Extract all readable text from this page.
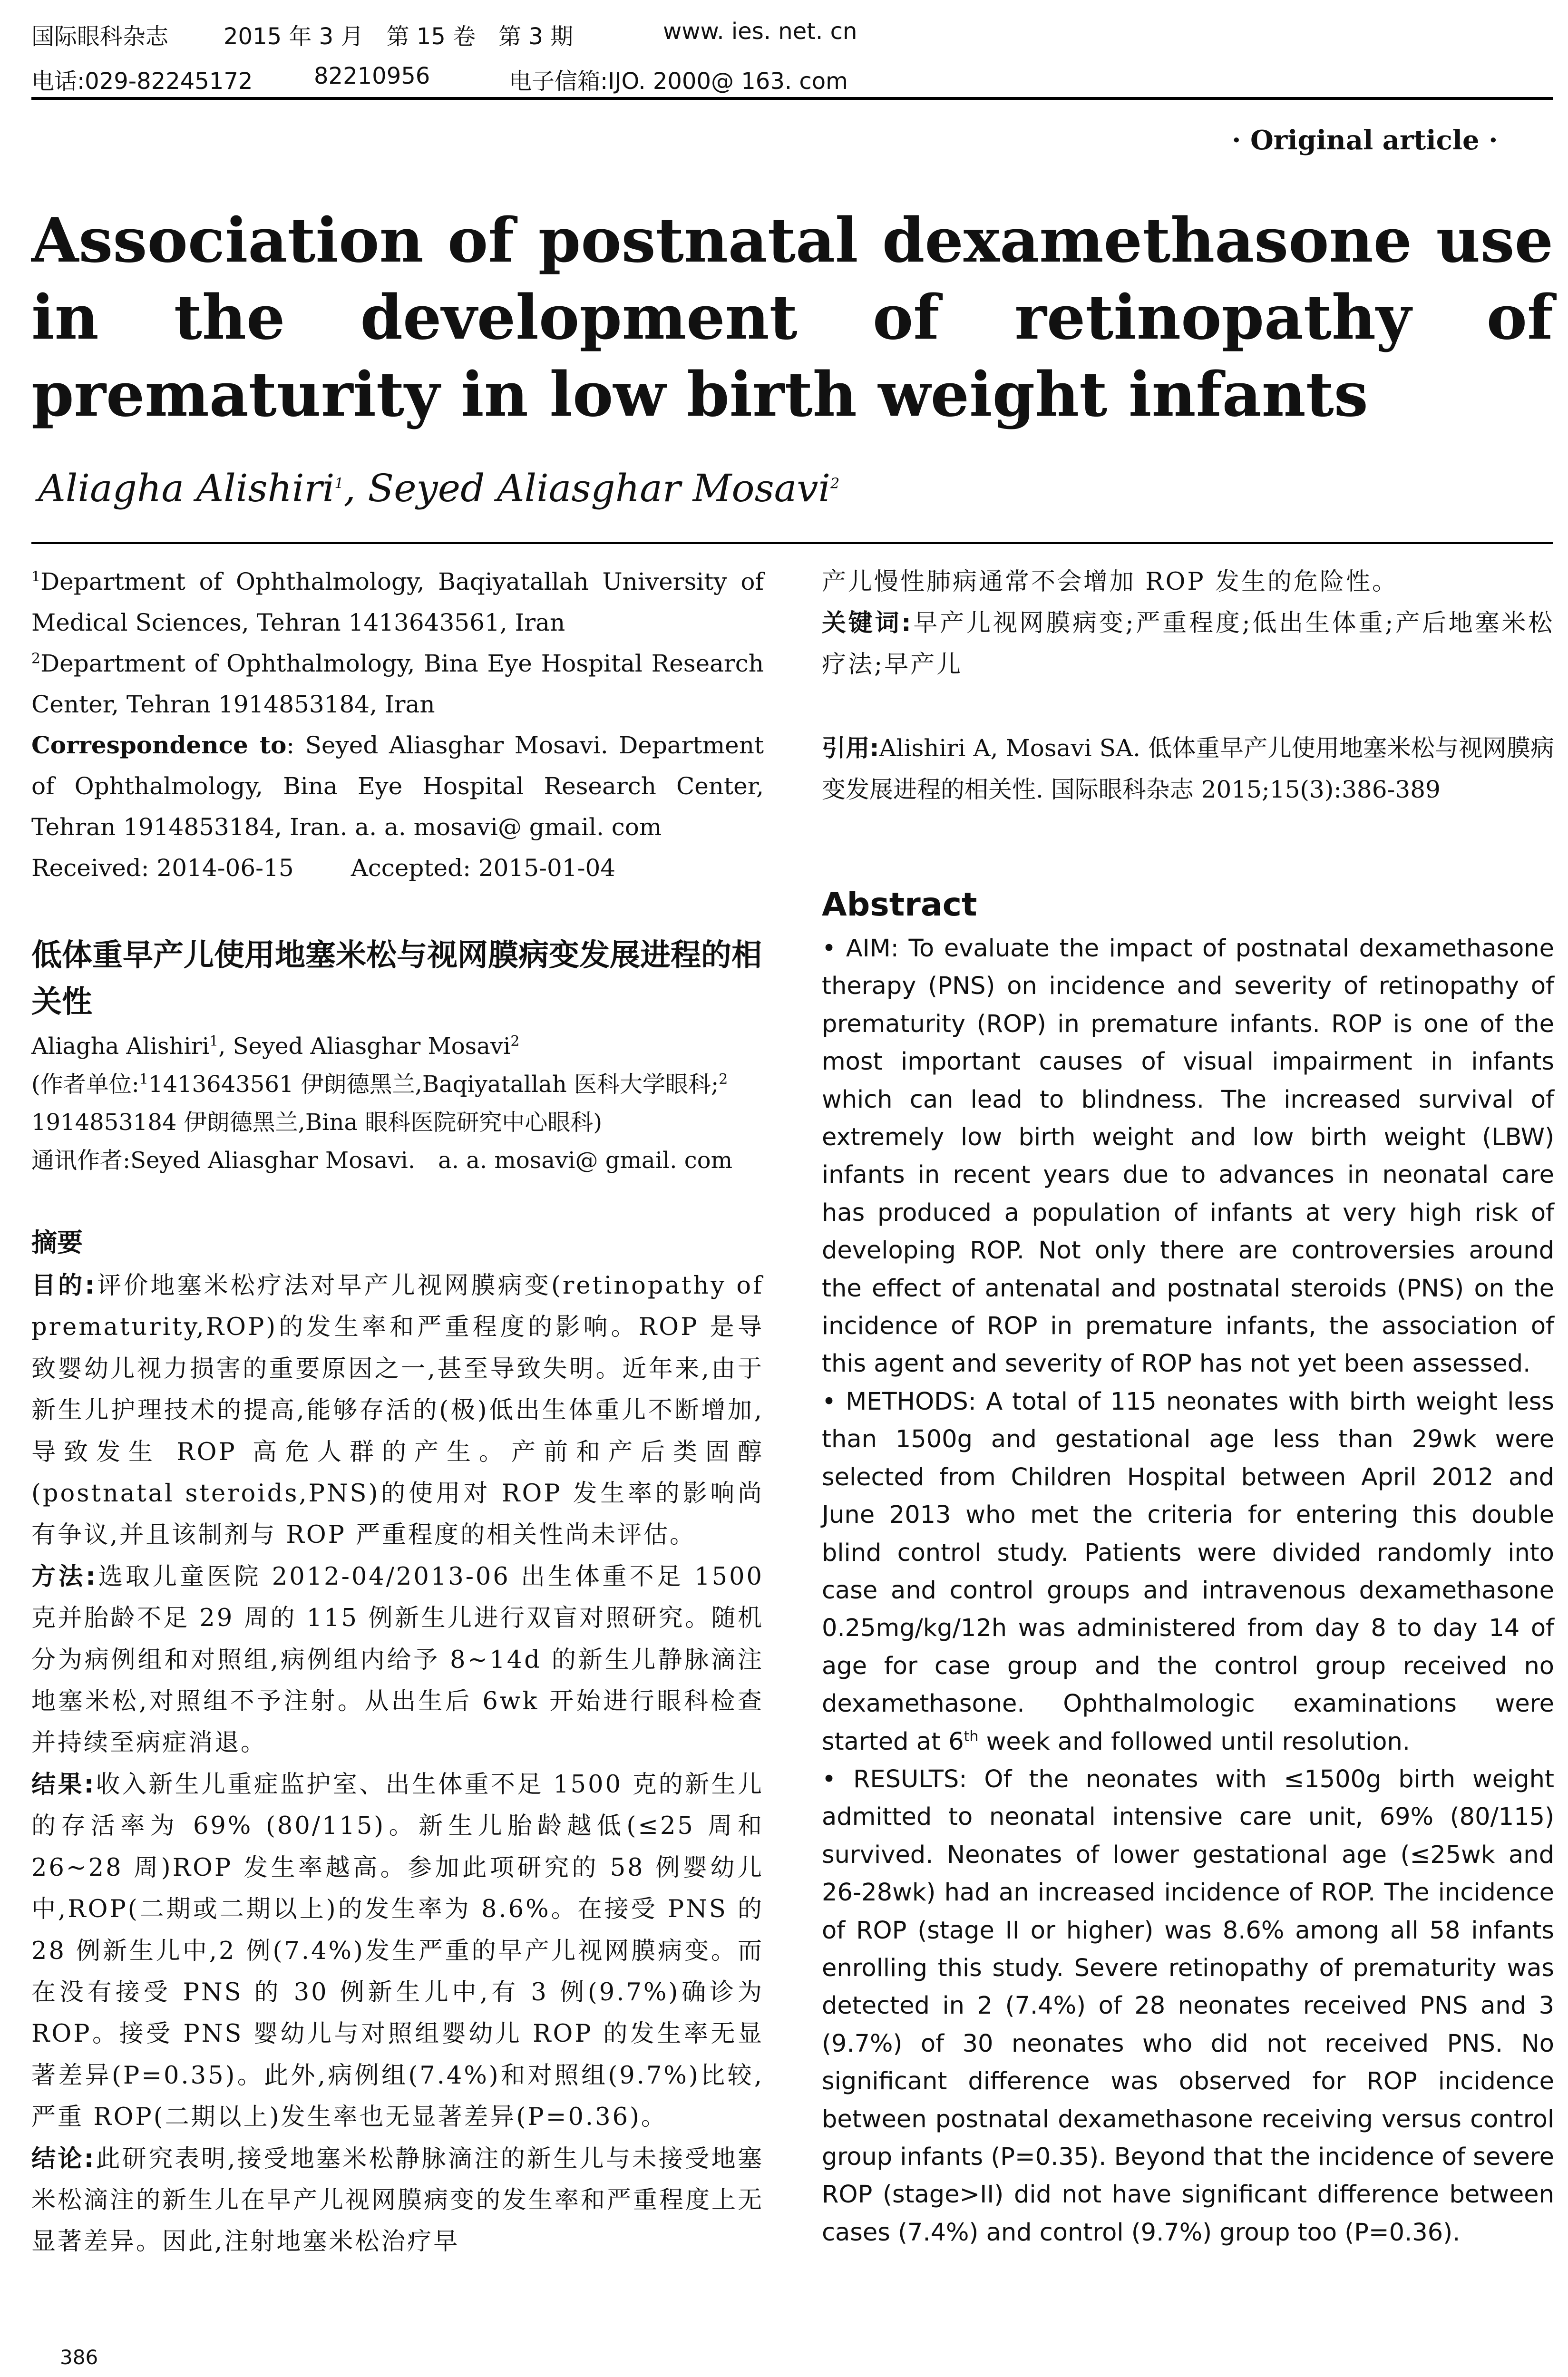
国际眼科杂志 2015 年 3 月　第 15 卷　第 3 期	www. ies. net. cn
电话:029-82245172	82210956	电子信箱:IJO. 2000@ 163. com
· Original article ·
Association of postnatal dexamethasone use in the development of retinopathy of prematurity in low birth weight infants
Aliagha Alishiri$^1$, Seyed Aliasghar Mosavi$^2$
$^1$Department of Ophthalmology, Baqiyatallah University of Medical Sciences, Tehran 1413643561, Iran
$^2$Department of Ophthalmology, Bina Eye Hospital Research Center, Tehran 1914853184, Iran
Correspondence to: Seyed Aliasghar Mosavi. Department of Ophthalmology, Bina Eye Hospital Research Center, Tehran 1914853184, Iran. a. a. mosavi@ gmail. com
Received: 2014-06-15 Accepted: 2015-01-04
低体重早产儿使用地塞米松与视网膜病变发展进程的相关性
Aliagha Alishiri$^1$, Seyed Aliasghar Mosavi$^2$
(作者单位:$^1$1413643561 伊朗德黑兰,Baqiyatallah 医科大学眼科;$^2$ 1914853184 伊朗德黑兰,Bina 眼科医院研究中心眼科)
通讯作者:Seyed Aliasghar Mosavi.　a. a. mosavi@ gmail. com
摘要
目的:评价地塞米松疗法对早产儿视网膜病变(retinopathy of prematurity,ROP)的发生率和严重程度的影响。ROP 是导致婴幼儿视力损害的重要原因之一,甚至导致失明。近年来,由于新生儿护理技术的提高,能够存活的(极)低出生体重儿不断增加,导致发生 ROP 高危人群的产生。产前和产后类固醇(postnatal steroids,PNS)的使用对 ROP 发生率的影响尚有争议,并且该制剂与 ROP 严重程度的相关性尚未评估。
方法:选取儿童医院 2012-04/2013-06 出生体重不足 1500 克并胎龄不足 29 周的 115 例新生儿进行双盲对照研究。随机分为病例组和对照组,病例组内给予 8~14d 的新生儿静脉滴注地塞米松,对照组不予注射。从出生后 6wk 开始进行眼科检查并持续至病症消退。
结果:收入新生儿重症监护室、出生体重不足 1500 克的新生儿的存活率为 69% (80/115)。新生儿胎龄越低(≤25 周和 26~28 周)ROP 发生率越高。参加此项研究的 58 例婴幼儿中,ROP(二期或二期以上)的发生率为 8.6%。在接受 PNS 的 28 例新生儿中,2 例(7.4%)发生严重的早产儿视网膜病变。而在没有接受 PNS 的 30 例新生儿中,有 3 例(9.7%)确诊为 ROP。接受 PNS 婴幼儿与对照组婴幼儿 ROP 的发生率无显著差异(P=0.35)。此外,病例组(7.4%)和对照组(9.7%)比较,严重 ROP(二期以上)发生率也无显著差异(P=0.36)。
结论:此研究表明,接受地塞米松静脉滴注的新生儿与未接受地塞米松滴注的新生儿在早产儿视网膜病变的发生率和严重程度上无显著差异。因此,注射地塞米松治疗早
产儿慢性肺病通常不会增加 ROP 发生的危险性。
关键词:早产儿视网膜病变;严重程度;低出生体重;产后地塞米松疗法;早产儿
引用:Alishiri A, Mosavi SA. 低体重早产儿使用地塞米松与视网膜病变发展进程的相关性. 国际眼科杂志 2015;15(3):386-389
Abstract
• AIM: To evaluate the impact of postnatal dexamethasone therapy (PNS) on incidence and severity of retinopathy of prematurity (ROP) in premature infants. ROP is one of the most important causes of visual impairment in infants which can lead to blindness. The increased survival of extremely low birth weight and low birth weight (LBW) infants in recent years due to advances in neonatal care has produced a population of infants at very high risk of developing ROP. Not only there are controversies around the effect of antenatal and postnatal steroids (PNS) on the incidence of ROP in premature infants, the association of this agent and severity of ROP has not yet been assessed.
• METHODS: A total of 115 neonates with birth weight less than 1500g and gestational age less than 29wk were selected from Children Hospital between April 2012 and June 2013 who met the criteria for entering this double blind control study. Patients were divided randomly into case and control groups and intravenous dexamethasone 0.25mg/kg/12h was administered from day 8 to day 14 of age for case group and the control group received no dexamethasone. Ophthalmologic examinations were started at 6th week and followed until resolution.
• RESULTS: Of the neonates with ≤1500g birth weight admitted to neonatal intensive care unit, 69% (80/115) survived. Neonates of lower gestational age (≤25wk and 26-28wk) had an increased incidence of ROP. The incidence of ROP (stage II or higher) was 8.6% among all 58 infants enrolling this study. Severe retinopathy of prematurity was detected in 2 (7.4%) of 28 neonates received PNS and 3 (9.7%) of 30 neonates who did not received PNS. No significant difference was observed for ROP incidence between postnatal dexamethasone receiving versus control group infants (P=0.35). Beyond that the incidence of severe ROP (stage>II) did not have significant difference between cases (7.4%) and control (9.7%) group too (P=0.36).
386
